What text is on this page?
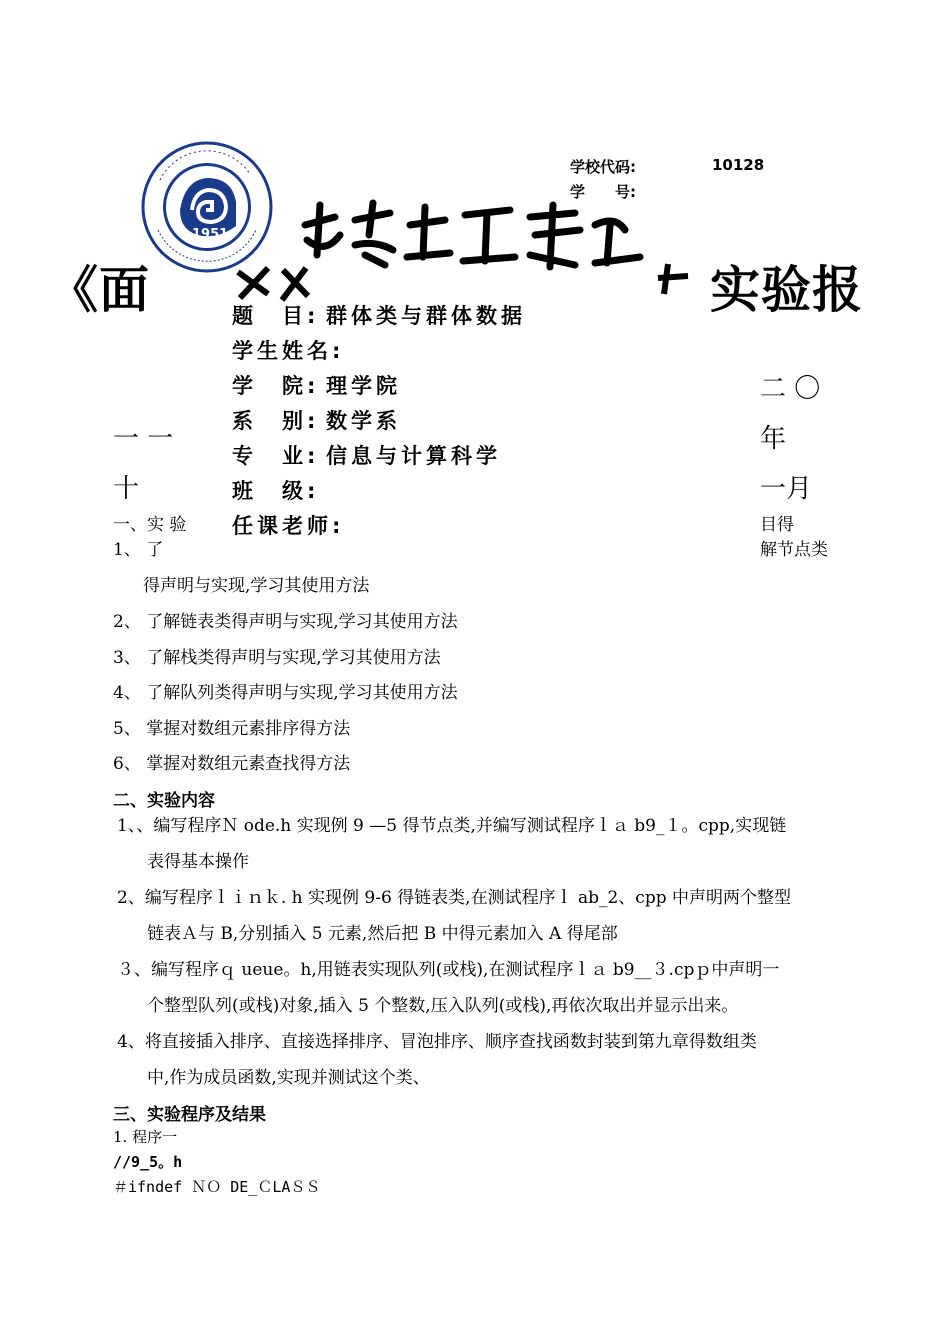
1951
学校代码:	10128
学　　号:
《面	实验报
题　目: 群体类与群体数据
学生姓名:
学　院: 理学院
系　别: 数学系
专　业: 信息与计算科学
班　级:
任课老师:
一 一
十
二 〇
年
一月
一、实 验	目得
1、 了	解节点类
得声明与实现,学习其使用方法
2、 了解链表类得声明与实现,学习其使用方法
3、 了解栈类得声明与实现,学习其使用方法
4、 了解队列类得声明与实现,学习其使用方法
5、 掌握对数组元素排序得方法
6、 掌握对数组元素查找得方法
二、实验内容
1、、编写程序Ｎ ode.h 实现例 9 —5 得节点类,并编写测试程序ｌａ b9_１。cpp,实现链
表得基本操作
2、编写程序ｌｉｎｋ. h 实现例 9-6 得链表类,在测试程序ｌ ab_2、cpp 中声明两个整型
链表Ａ与 B,分别插入 5 元素,然后把 B 中得元素加入 A 得尾部
３、编写程序ｑ ueue。h,用链表实现队列(或栈),在测试程序ｌａ b9__３.cpｐ中声明一
个整型队列(或栈)对象,插入 5 个整数,压入队列(或栈),再依次取出并显示出来。
4、将直接插入排序、直接选择排序、冒泡排序、顺序查找函数封装到第九章得数组类
中,作为成员函数,实现并测试这个类、
三、实验程序及结果
1. 程序一
//9_5。h
＃ifndef ＮＯ DE_ＣLAＳＳ
